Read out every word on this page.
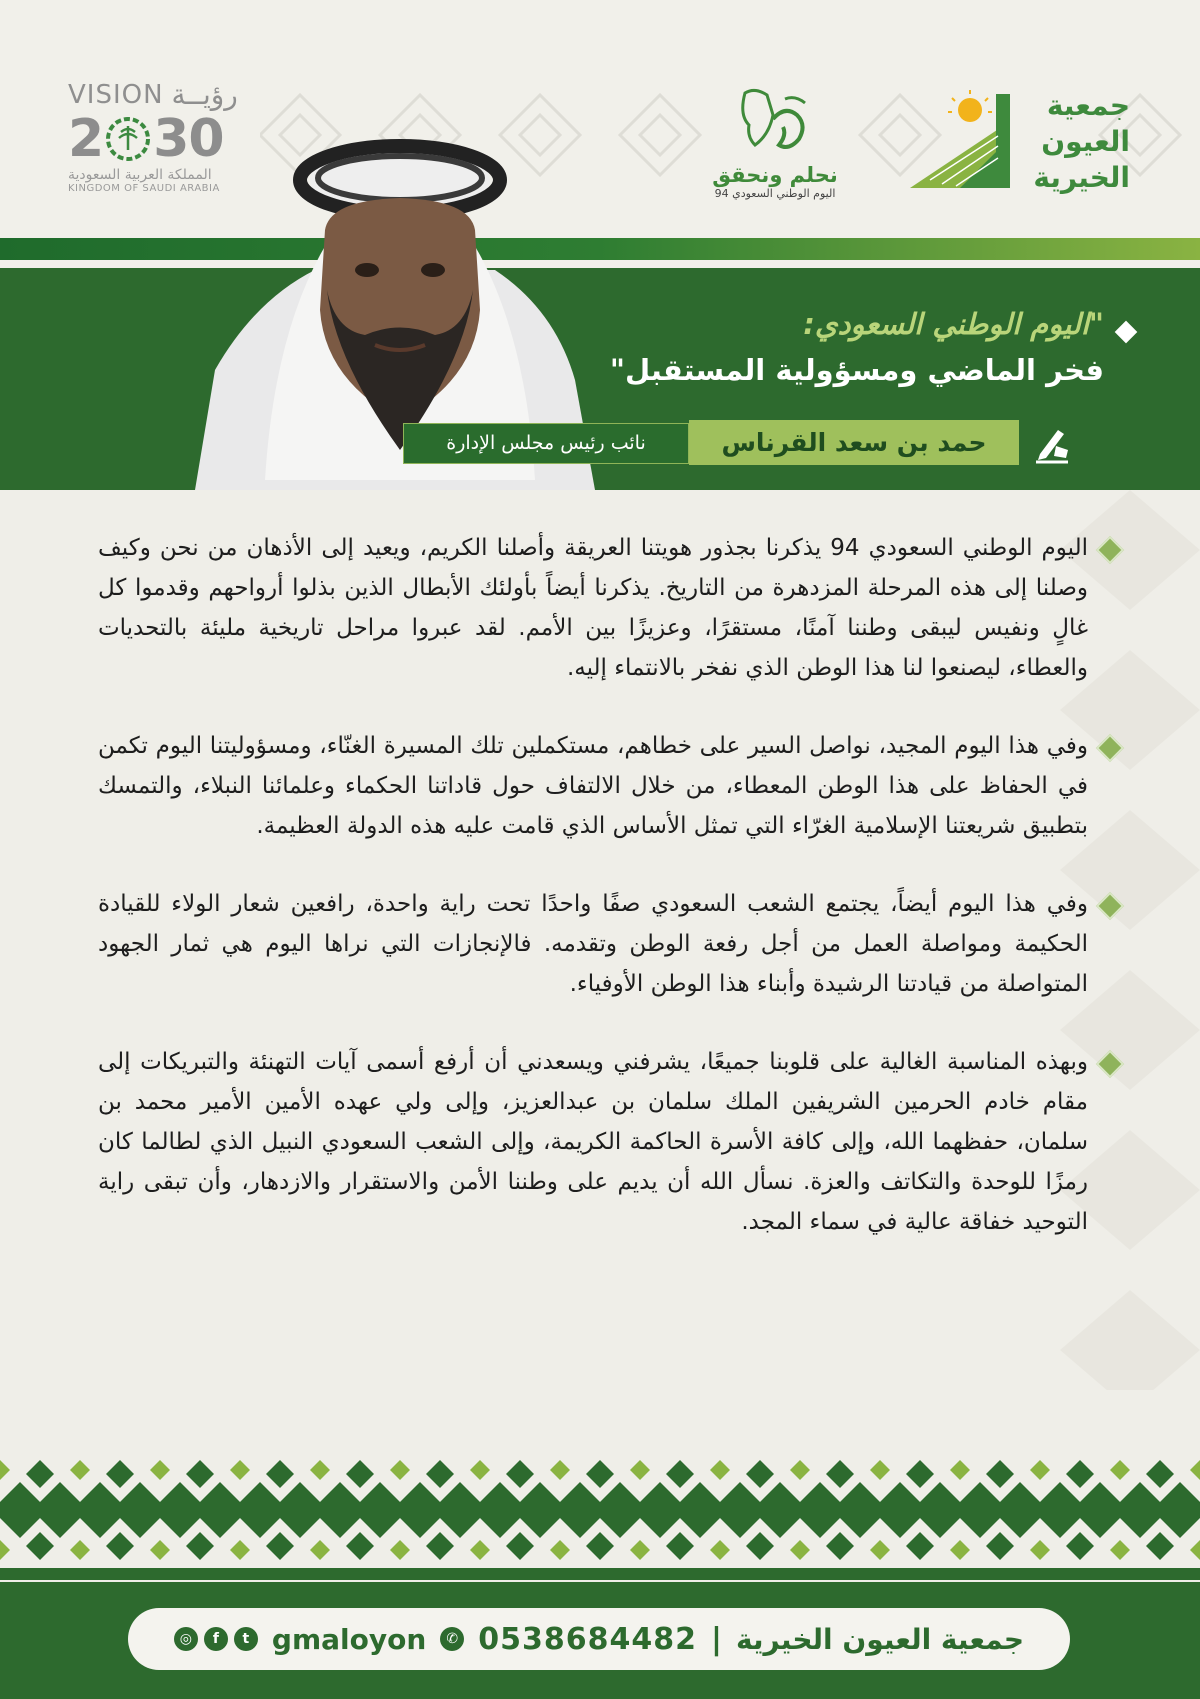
VISION رؤيــة
2 30
المملكة العربية السعودية
KINGDOM OF SAUDI ARABIA
نحلم ونحقق
اليوم الوطني السعودي 94
جمعية
العيون
الخيرية
"اليوم الوطني السعودي:
فخر الماضي ومسؤولية المستقبل"
حمد بن سعد القرناس
نائب رئيس مجلس الإدارة
اليوم الوطني السعودي 94 يذكرنا بجذور هويتنا العريقة وأصلنا الكريم، ويعيد إلى الأذهان من نحن وكيف وصلنا إلى هذه المرحلة المزدهرة من التاريخ. يذكرنا أيضاً بأولئك الأبطال الذين بذلوا أرواحهم وقدموا كل غالٍ ونفيس ليبقى وطننا آمنًا، مستقرًا، وعزيزًا بين الأمم. لقد عبروا مراحل تاريخية مليئة بالتحديات والعطاء، ليصنعوا لنا هذا الوطن الذي نفخر بالانتماء إليه.
وفي هذا اليوم المجيد، نواصل السير على خطاهم، مستكملين تلك المسيرة الغنّاء، ومسؤوليتنا اليوم تكمن في الحفاظ على هذا الوطن المعطاء، من خلال الالتفاف حول قاداتنا الحكماء وعلمائنا النبلاء، والتمسك بتطبيق شريعتنا الإسلامية الغرّاء التي تمثل الأساس الذي قامت عليه هذه الدولة العظيمة.
وفي هذا اليوم أيضاً، يجتمع الشعب السعودي صفًا واحدًا تحت راية واحدة، رافعين شعار الولاء للقيادة الحكيمة ومواصلة العمل من أجل رفعة الوطن وتقدمه. فالإنجازات التي نراها اليوم هي ثمار الجهود المتواصلة من قيادتنا الرشيدة وأبناء هذا الوطن الأوفياء.
وبهذه المناسبة الغالية على قلوبنا جميعًا، يشرفني ويسعدني أن أرفع أسمى آيات التهنئة والتبريكات إلى مقام خادم الحرمين الشريفين الملك سلمان بن عبدالعزيز، وإلى ولي عهده الأمين الأمير محمد بن سلمان، حفظهما الله، وإلى كافة الأسرة الحاكمة الكريمة، وإلى الشعب السعودي النبيل الذي لطالما كان رمزًا للوحدة والتكاتف والعزة. نسأل الله أن يديم على وطننا الأمن والاستقرار والازدهار، وأن تبقى راية التوحيد خفاقة عالية في سماء المجد.
جمعية العيون الخيرية
|
0538684482
✆
gmaloyon
◎	f	t
